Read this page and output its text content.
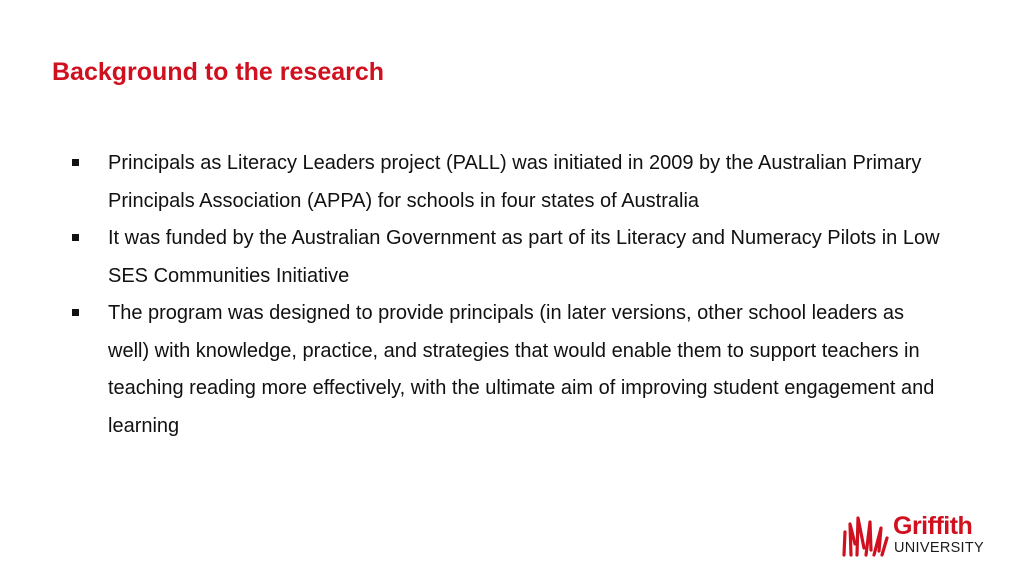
Background to the research
Principals as Literacy Leaders project (PALL) was initiated in 2009 by the Australian Primary Principals Association (APPA) for schools in four states of Australia
It was funded by the Australian Government as part of its Literacy and Numeracy Pilots in Low SES Communities Initiative
The program was designed to provide principals (in later versions, other school leaders as well) with knowledge, practice, and strategies that would enable them to support teachers in teaching reading more effectively, with the ultimate aim of improving student engagement and learning
Griffith
UNIVERSITY
